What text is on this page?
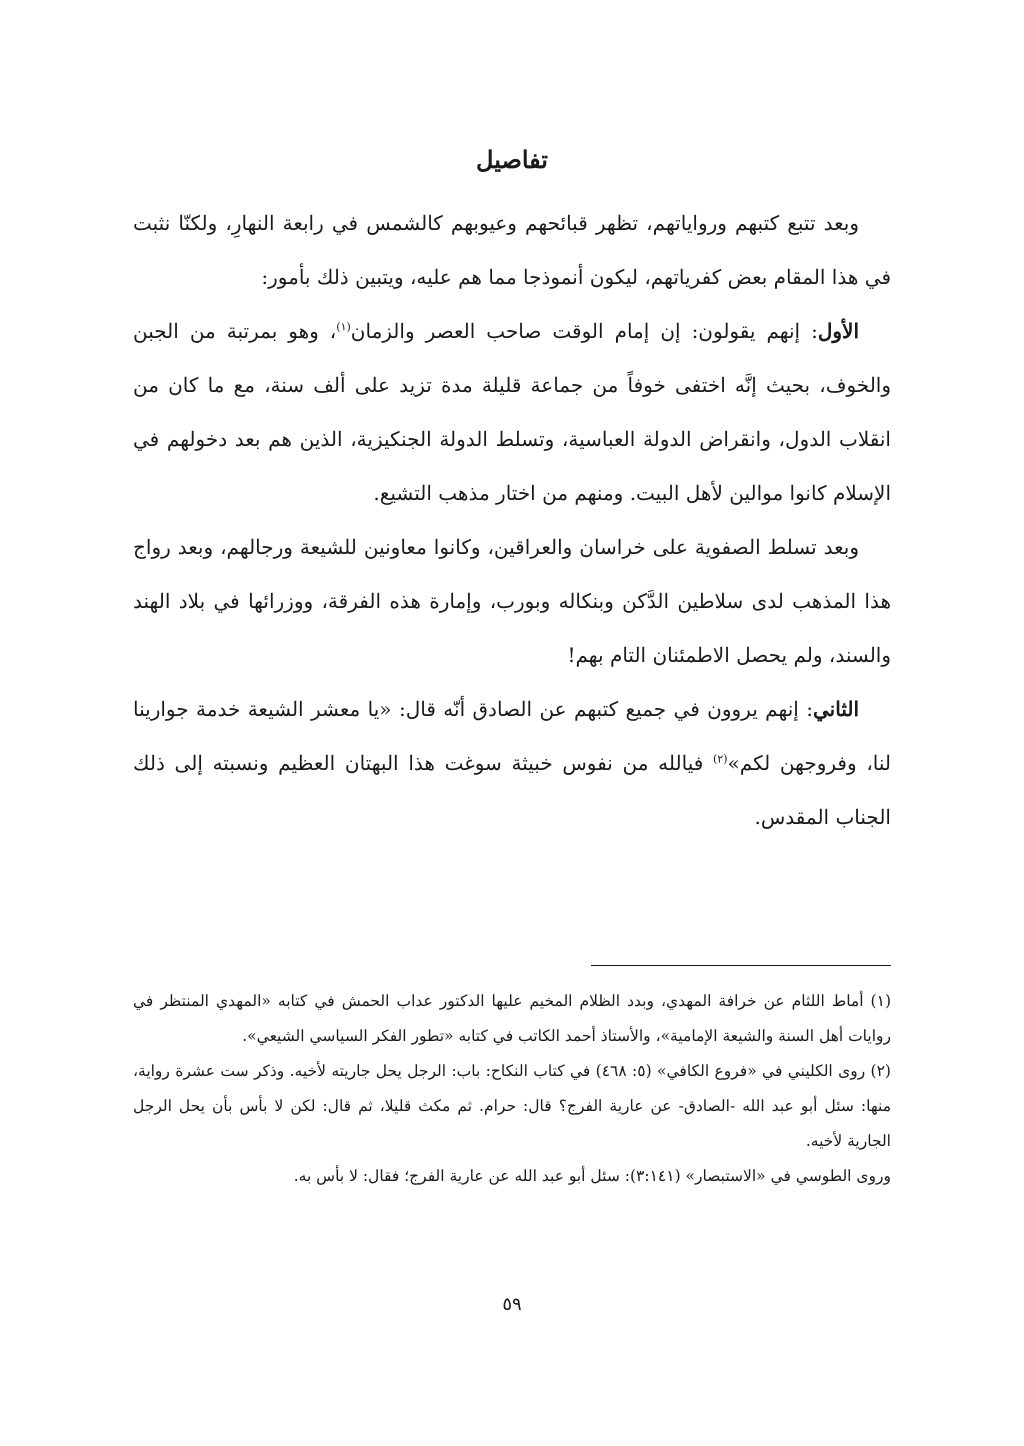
تفاصيل

وبعد تتبع كتبهم ورواياتهم، تظهر قبائحهم وعيوبهم كالشمس في رابعة النهارِ، ولكنّا نثبت في هذا المقام بعض كفرياتهم، ليكون أنموذجا مما هم عليه، ويتبين ذلك بأمور:

الأول: إنهم يقولون: إن إمام الوقت صاحب العصر والزمان$^{(١)}$، وهو بمرتبة من الجبن والخوف، بحيث إنَّه اختفى خوفاً من جماعة قليلة مدة تزيد على ألف سنة، مع ما كان من انقلاب الدول، وانقراض الدولة العباسية، وتسلط الدولة الجنكيزية، الذين هم بعد دخولهم في الإسلام كانوا موالين لأهل البيت. ومنهم من اختار مذهب التشيع.

وبعد تسلط الصفوية على خراسان والعراقين، وكانوا معاونين للشيعة ورجالهم، وبعد رواج هذا المذهب لدى سلاطين الدَّكن وبنكاله وبورب، وإمارة هذه الفرقة، ووزرائها في بلاد الهند والسند، ولم يحصل الاطمئنان التام بهم!

الثاني: إنهم يروون في جميع كتبهم عن الصادق أنّه قال: «يا معشر الشيعة خدمة جوارينا لنا، وفروجهن لكم»$^{(٢)}$ فيالله من نفوس خبيثة سوغت هذا البهتان العظيم ونسبته إلى ذلك الجناب المقدس.

(١) أماط اللثام عن خرافة المهدي، وبدد الظلام المخيم عليها الدكتور عداب الحمش في كتابه «المهدي المنتظر في روايات أهل السنة والشيعة الإمامية»، والأستاذ أحمد الكاتب في كتابه «تطور الفكر السياسي الشيعي».

(٢) روى الكليني في «فروع الكافي» (٥: ٤٦٨) في كتاب النكاح: باب: الرجل يحل جاريته لأخيه. وذكر ست عشرة رواية، منها: سئل أبو عبد الله -الصادق- عن عارية الفرج؟ قال: حرام. ثم مكث قليلا، ثم قال: لكن لا بأس بأن يحل الرجل الجارية لأخيه.

وروى الطوسي في «الاستبصار» (٣:١٤١): سئل أبو عبد الله عن عارية الفرج؛ فقال: لا بأس به.

٥٩
